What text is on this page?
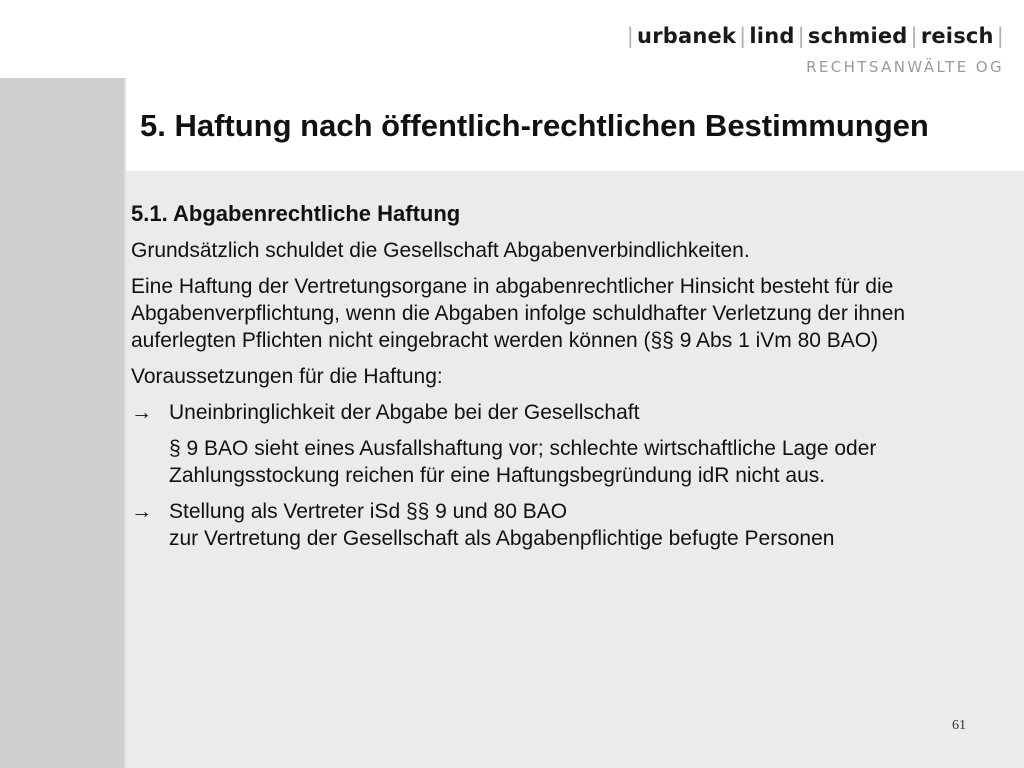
| urbanek | lind | schmied | reisch |
RECHTSANWÄLTE OG
5. Haftung nach öffentlich-rechtlichen Bestimmungen
5.1. Abgabenrechtliche Haftung
Grundsätzlich schuldet die Gesellschaft Abgabenverbindlichkeiten.
Eine Haftung der Vertretungsorgane in abgabenrechtlicher Hinsicht besteht für die Abgabenverpflichtung, wenn die Abgaben infolge schuldhafter Verletzung der ihnen auferlegten Pflichten nicht eingebracht werden können (§§ 9 Abs 1 iVm 80 BAO)
Voraussetzungen für die Haftung:
→ Uneinbringlichkeit der Abgabe bei der Gesellschaft
§ 9 BAO sieht eines Ausfallshaftung vor; schlechte wirtschaftliche Lage oder Zahlungsstockung reichen für eine Haftungsbegründung idR nicht aus.
→ Stellung als Vertreter iSd §§ 9 und 80 BAO
zur Vertretung der Gesellschaft als Abgabenpflichtige befugte Personen
61
